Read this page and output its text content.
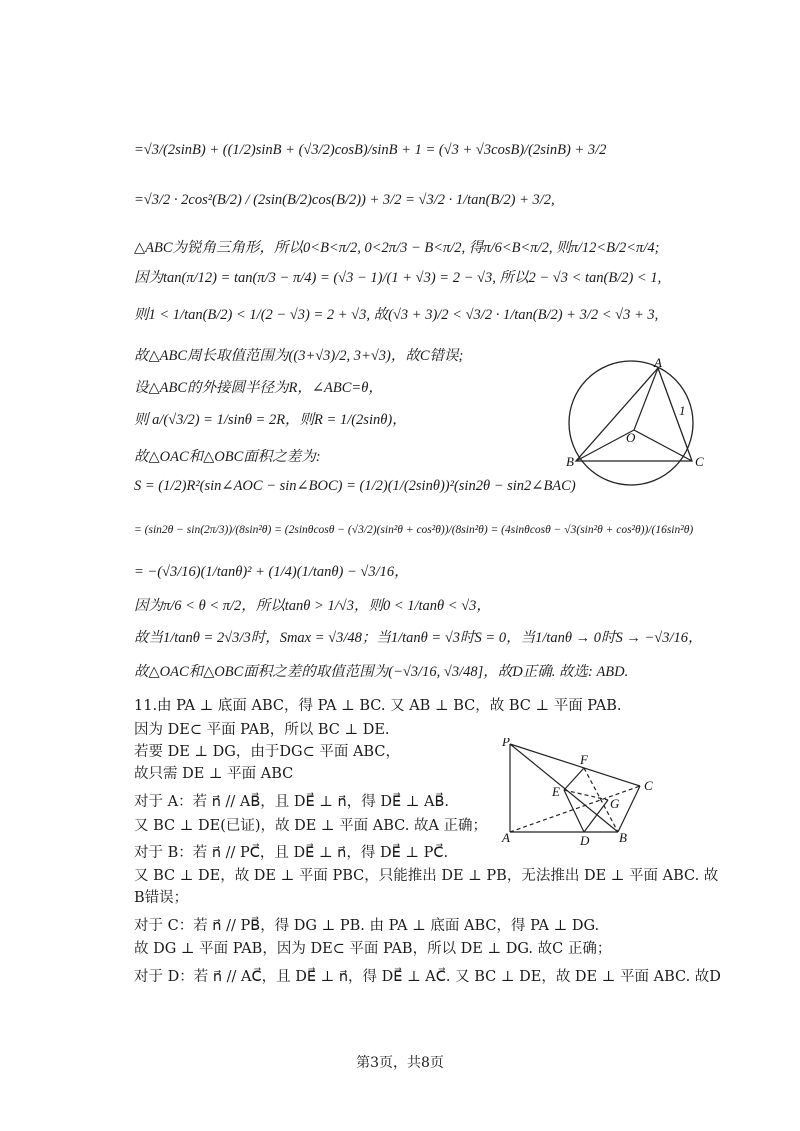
=√3/(2sinB) + ((1/2)sinB + (√3/2)cosB)/sinB + 1 = (√3 + √3cosB)/(2sinB) + 3/2
=√3/2 · 2cos²(B/2) / (2sin(B/2)cos(B/2)) + 3/2 = √3/2 · 1/tan(B/2) + 3/2,
△ABC为锐角三角形，所以0<B<π/2, 0<2π/3 − B<π/2, 得π/6<B<π/2, 则π/12<B/2<π/4;
因为tan(π/12) = tan(π/3 − π/4) = (√3 − 1)/(1 + √3) = 2 − √3, 所以2 − √3 < tan(B/2) < 1,
则1 < 1/tan(B/2) < 1/(2 − √3) = 2 + √3, 故(√3 + 3)/2 < √3/2 · 1/tan(B/2) + 3/2 < √3 + 3,
故△ABC周长取值范围为((3+√3)/2, 3+√3)，故C错误;
设△ABC的外接圆半径为R，∠ABC=θ，
则 a/(√3/2) = 1/sinθ = 2R，则R = 1/(2sinθ)，
故△OAC和△OBC面积之差为:
S = (1/2)R²(sin∠AOC − sin∠BOC) = (1/2)(1/(2sinθ))²(sin2θ − sin2∠BAC)
= (sin2θ − sin(2π/3))/(8sin²θ) = (2sinθcosθ − (√3/2)(sin²θ + cos²θ))/(8sin²θ) = (4sinθcosθ − √3(sin²θ + cos²θ))/(16sin²θ)
= −(√3/16)(1/tanθ)² + (1/4)(1/tanθ) − √3/16，
因为π/6 < θ < π/2，所以tanθ > 1/√3，则0 < 1/tanθ < √3，
故当1/tanθ = 2√3/3时，Smax = √3/48；当1/tanθ = √3时S = 0，当1/tanθ → 0时S → −√3/16，
故△OAC和△OBC面积之差的取值范围为(−√3/16, √3/48]，故D正确. 故选: ABD.
11.由 PA ⊥ 底面 ABC，得 PA ⊥ BC. 又 AB ⊥ BC，故 BC ⊥ 平面 PAB.
因为 DE⊂ 平面 PAB，所以 BC ⊥ DE.
若要 DE ⊥ DG，由于DG⊂ 平面 ABC，
故只需 DE ⊥ 平面 ABC
对于 A：若 n⃗ // AB⃗，且 DE⃗ ⊥ n⃗，得 DE⃗ ⊥ AB⃗.
又 BC ⊥ DE(已证)，故 DE ⊥ 平面 ABC. 故A 正确；
对于 B：若 n⃗ // PC⃗，且 DE⃗ ⊥ n⃗，得 DE⃗ ⊥ PC⃗.
又 BC ⊥ DE，故 DE ⊥ 平面 PBC，只能推出 DE ⊥ PB，无法推出 DE ⊥ 平面 ABC. 故
B错误；
对于 C：若 n⃗ // PB⃗，得 DG ⊥ PB. 由 PA ⊥ 底面 ABC，得 PA ⊥ DG.
故 DG ⊥ 平面 PAB，因为 DE⊂ 平面 PAB，所以 DE ⊥ DG. 故C 正确；
对于 D：若 n⃗ // AC⃗，且 DE⃗ ⊥ n⃗，得 DE⃗ ⊥ AC⃗. 又 BC ⊥ DE，故 DE ⊥ 平面 ABC. 故D
A
B	C
O
1
P
A	D B
C
E
F
G
第3页，共8页
